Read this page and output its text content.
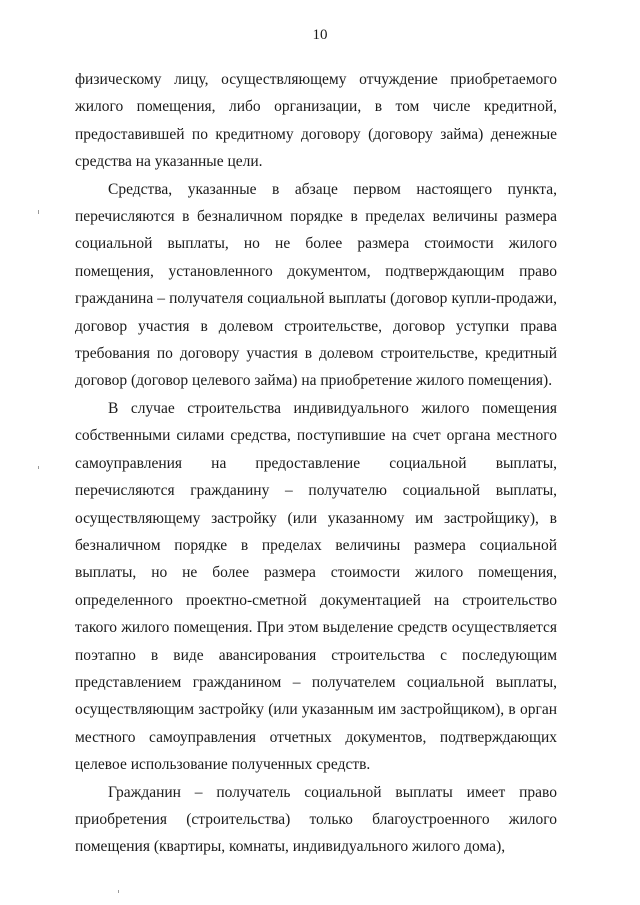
10

физическому лицу, осуществляющему отчуждение приобретаемого жилого помещения, либо организации, в том числе кредитной, предоставившей по кредитному договору (договору займа) денежные средства на указанные цели.

Средства, указанные в абзаце первом настоящего пункта, перечисляются в безналичном порядке в пределах величины размера социальной выплаты, но не более размера стоимости жилого помещения, установленного документом, подтверждающим право гражданина – получателя социальной выплаты (договор купли-продажи, договор участия в долевом строительстве, договор уступки права требования по договору участия в долевом строительстве, кредитный договор (договор целевого займа) на приобретение жилого помещения).

В случае строительства индивидуального жилого помещения собственными силами средства, поступившие на счет органа местного самоуправления на предоставление социальной выплаты, перечисляются гражданину – получателю социальной выплаты, осуществляющему застройку (или указанному им застройщику), в безналичном порядке в пределах величины размера социальной выплаты, но не более размера стоимости жилого помещения, определенного проектно-сметной документацией на строительство такого жилого помещения. При этом выделение средств осуществляется поэтапно в виде авансирования строительства с последующим представлением гражданином – получателем социальной выплаты, осуществляющим застройку (или указанным им застройщиком), в орган местного самоуправления отчетных документов, подтверждающих целевое использование полученных средств.

Гражданин – получатель социальной выплаты имеет право приобретения (строительства) только благоустроенного жилого помещения (квартиры, комнаты, индивидуального жилого дома),
